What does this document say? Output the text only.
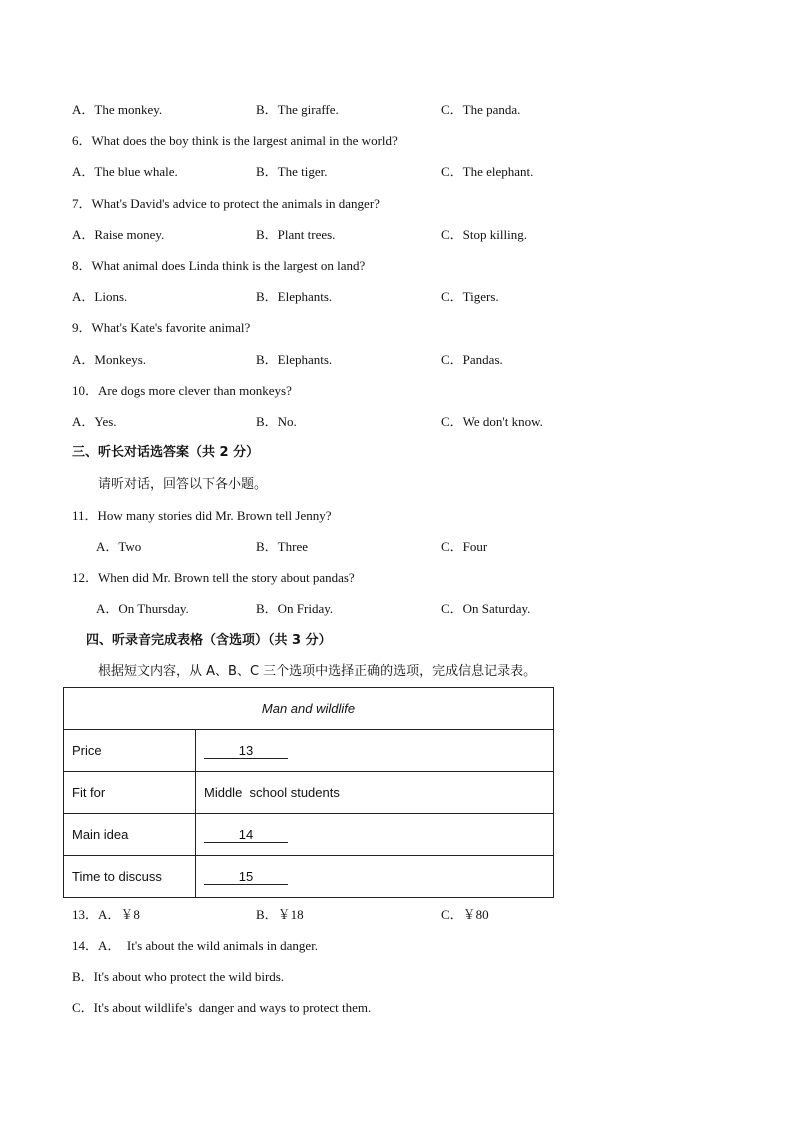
A．The monkey.	B．The giraffe.	C．The panda.
6．What does the boy think is the largest animal in the world?
A．The blue whale.	B．The tiger.	C．The elephant.
7．What's David's advice to protect the animals in danger?
A．Raise money.	B．Plant trees.	C．Stop killing.
8．What animal does Linda think is the largest on land?
A．Lions.	B．Elephants.	C．Tigers.
9．What's Kate's favorite animal?
A．Monkeys.	B．Elephants.	C．Pandas.
10．Are dogs more clever than monkeys?
A．Yes.	B．No.	C．We don't know.
三、听长对话选答案（共 2 分）
请听对话，回答以下各小题。
11．How many stories did Mr. Brown tell Jenny?
A．Two	B．Three	C．Four
12．When did Mr. Brown tell the story about pandas?
A．On Thursday.	B．On Friday.	C．On Saturday.
四、听录音完成表格（含选项）（共 3 分）
根据短文内容，从 A、B、C 三个选项中选择正确的选项，完成信息记录表。
Man and wildlife	
Price	13
Fit for	Middle  school students
Main idea	14
Time to discuss	15
13．A．￥8	B．￥18	C．￥80
14．A．  It's about the wild animals in danger.
B．It's about who protect the wild birds.
C．It's about wildlife's  danger and ways to protect them.
